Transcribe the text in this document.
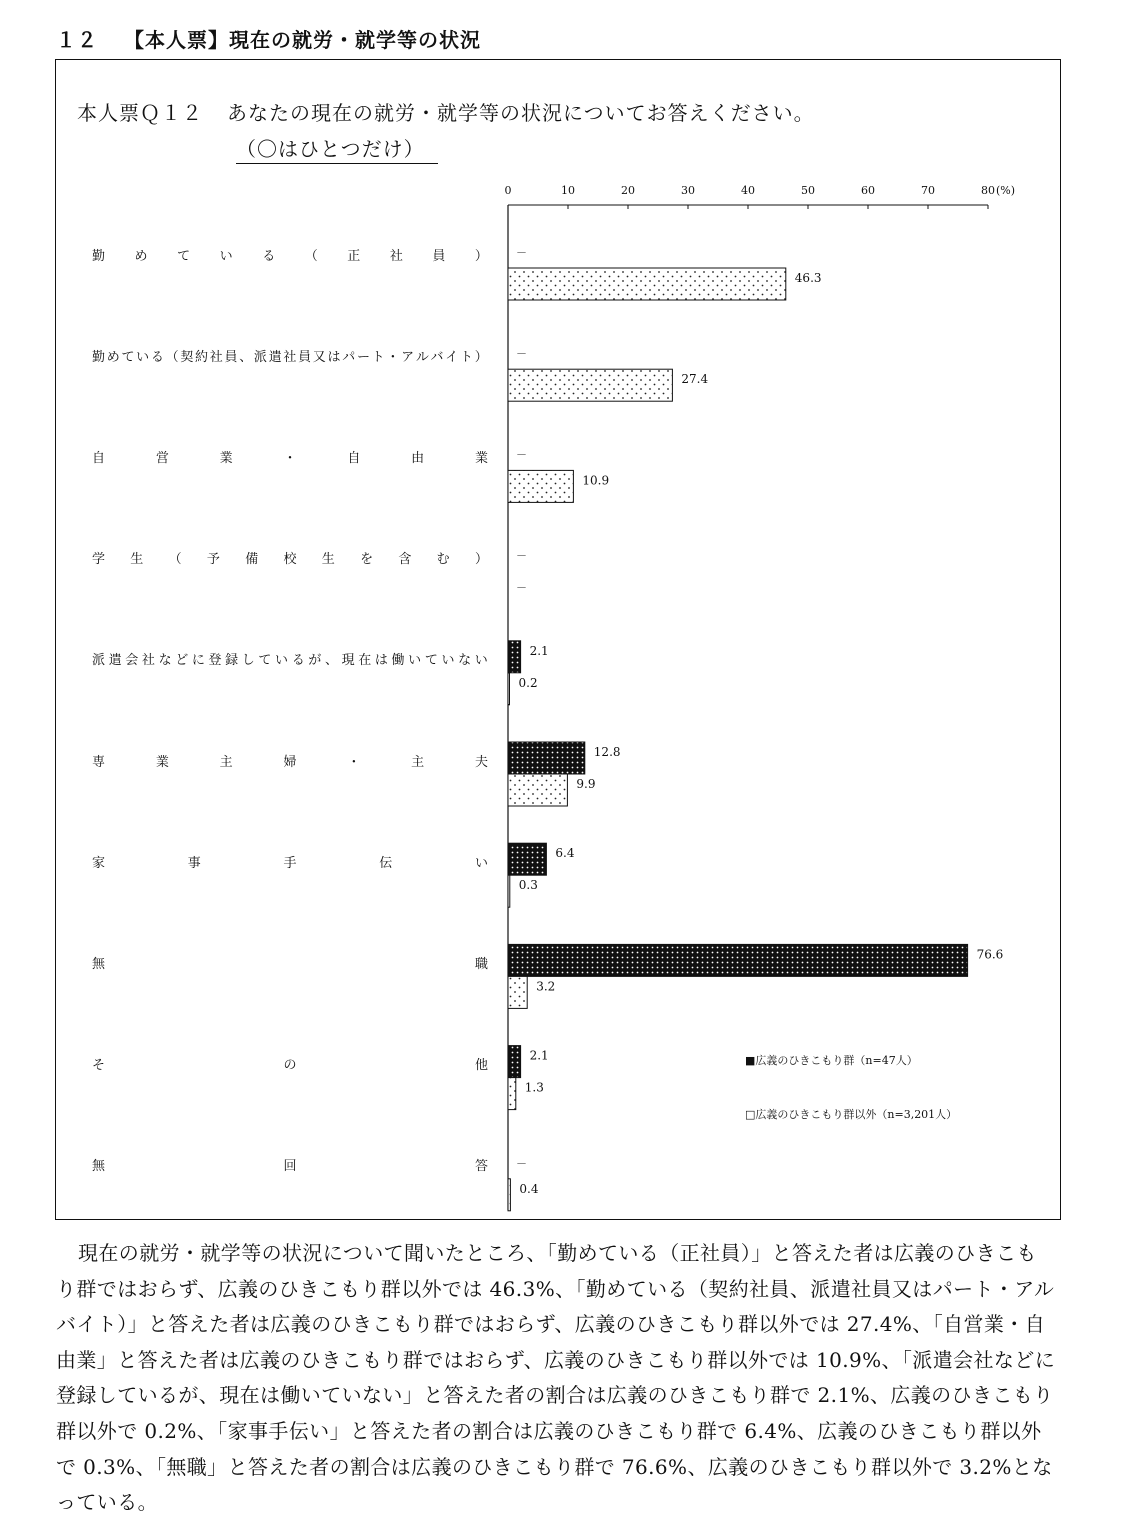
１２ 【本人票】現在の就労・就学等の状況

本人票Ｑ１２ あなたの現在の就労・就学等の状況についてお答えください。

（〇はひとつだけ）
勤 め て い る （ 正 社 員 ）
勤 め て い る （ 契 約 社 員 、 派 遣 社 員 又 は パ ー ト ・ ア ル バ イ ト ）
自	営	業	・	自	由	業
学 生 （ 予 備 校 生 を 含 む ）
派 遣 会 社 な ど に 登 録 し て い る が 、 現 在 は 働 い て い な い
専	業	主	婦	・	主	夫
家	事	手	伝	い
無	職
そ	の	他
無	回	答
0	10	20	30	40	50	60	70	80 (%)
－
－
－
－
2.1
12.8
6.4
76.6
2.1
－
46.3
27.4
10.9
－
0.2
9.9
0.3
3.2
1.3
0.4
■広義のひきこもり群（n=47人）
□広義のひきこもり群以外（n=3,201人）

現在の就労・就学等の状況について聞いたところ、「勤めている（正社員）」と答えた者は広義のひきこもり群ではおらず、広義のひきこもり群以外では 46.3%、「勤めている（契約社員、派遣社員又はパート・アルバイト）」と答えた者は広義のひきこもり群ではおらず、広義のひきこもり群以外では 27.4%、「自営業・自由業」と答えた者は広義のひきこもり群ではおらず、広義のひきこもり群以外では 10.9%、「派遣会社などに登録しているが、現在は働いていない」と答えた者の割合は広義のひきこもり群で 2.1%、広義のひきこもり群以外で 0.2%、「家事手伝い」と答えた者の割合は広義のひきこもり群で 6.4%、広義のひきこもり群以外で 0.3%、「無職」と答えた者の割合は広義のひきこもり群で 76.6%、広義のひきこもり群以外で 3.2%となっている。
